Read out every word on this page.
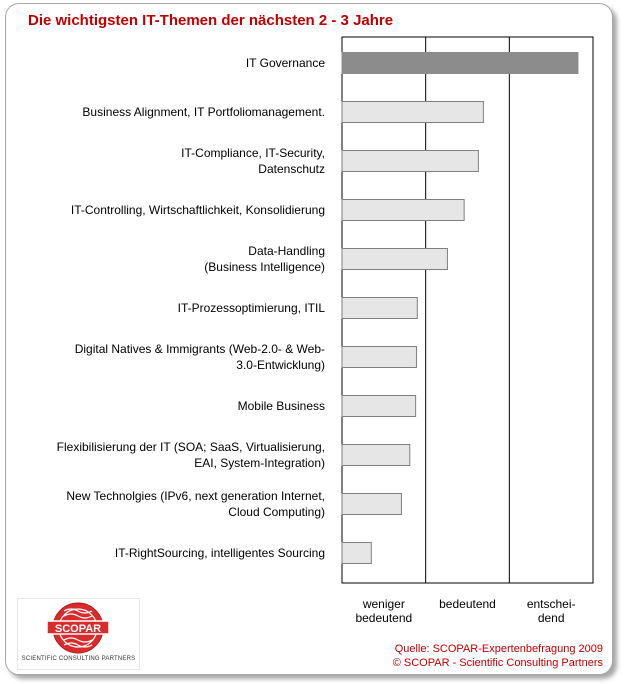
Die wichtigsten IT-Themen der nächsten 2 - 3 Jahre
IT Governance
Business Alignment, IT Portfoliomanagement.
IT-Compliance, IT-Security, Datenschutz
IT-Controlling, Wirtschaftlichkeit, Konsolidierung
Data-Handling (Business Intelligence)
IT-Prozessoptimierung, ITIL
Digital Natives & Immigrants (Web-2.0- & Web-3.0-Entwicklung)
Mobile Business
Flexibilisierung der IT (SOA; SaaS, Virtualisierung, EAI, System-Integration)
New Technolgies (IPv6, next generation Internet, Cloud Computing)
IT-RightSourcing, intelligentes Sourcing
weniger bedeutend
bedeutend	entschei-dend
SCOPAR
SCIENTIFIC CONSULTING PARTNERS
Quelle: SCOPAR-Expertenbefragung 2009
© SCOPAR - Scientific Consulting Partners
